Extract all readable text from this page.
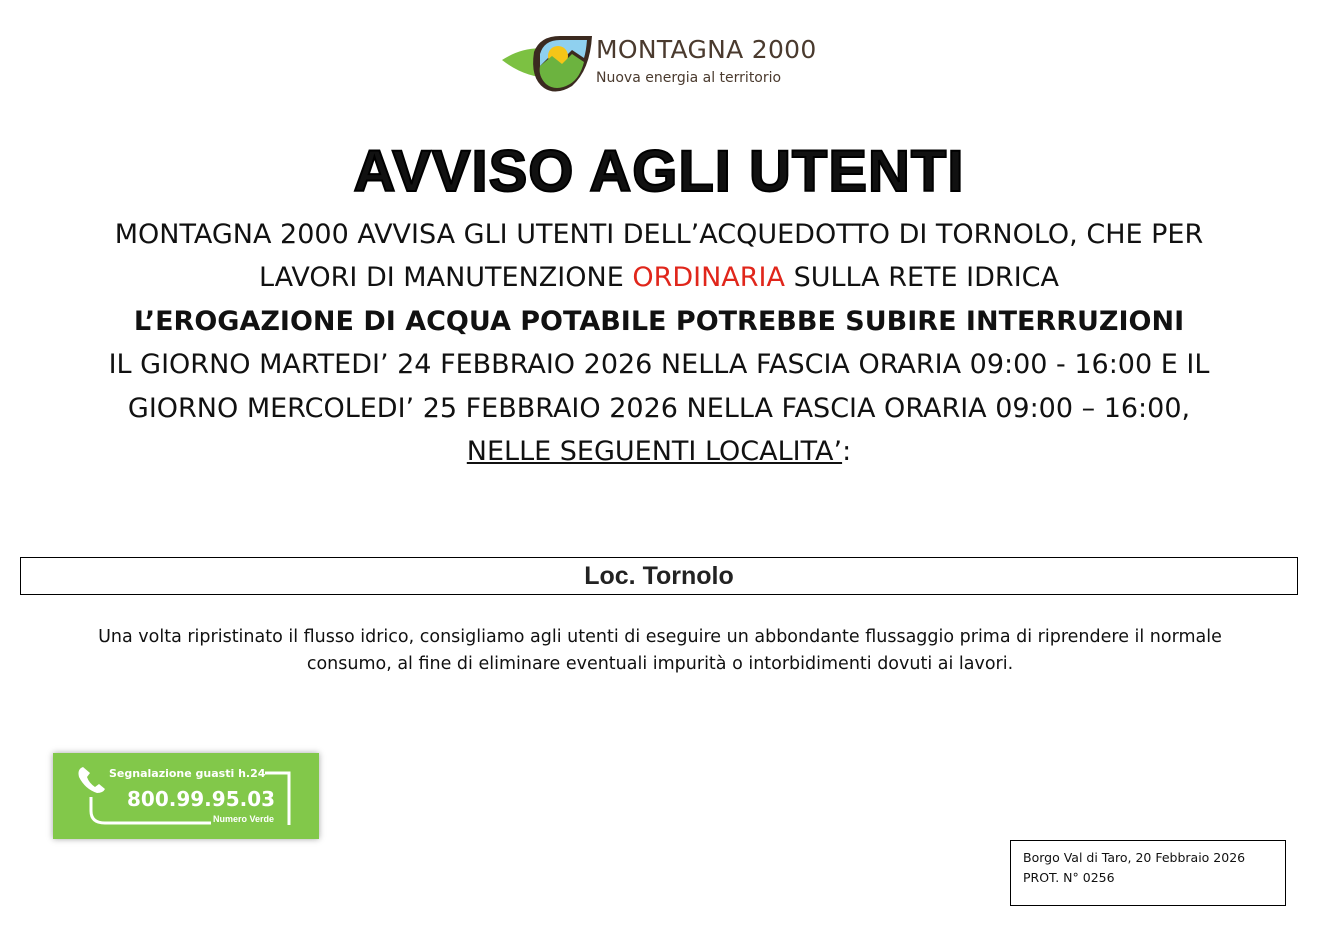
MONTAGNA 2000
Nuova energia al territorio
AVVISO AGLI UTENTI
MONTAGNA 2000 AVVISA GLI UTENTI DELL’ACQUEDOTTO DI TORNOLO, CHE PER
LAVORI DI MANUTENZIONE ORDINARIA SULLA RETE IDRICA
L’EROGAZIONE DI ACQUA POTABILE POTREBBE SUBIRE INTERRUZIONI
IL GIORNO MARTEDI’ 24 FEBBRAIO 2026 NELLA FASCIA ORARIA 09:00 - 16:00 E IL
GIORNO MERCOLEDI’ 25 FEBBRAIO 2026 NELLA FASCIA ORARIA 09:00 – 16:00,
NELLE SEGUENTI LOCALITA’:
Loc. Tornolo
Una volta ripristinato il flusso idrico, consigliamo agli utenti di eseguire un abbondante flussaggio prima di riprendere il normale
consumo, al fine di eliminare eventuali impurità o intorbidimenti dovuti ai lavori.
Segnalazione guasti h.24
800.99.95.03
Numero Verde
Borgo Val di Taro, 20 Febbraio 2026
PROT. N° 0256
